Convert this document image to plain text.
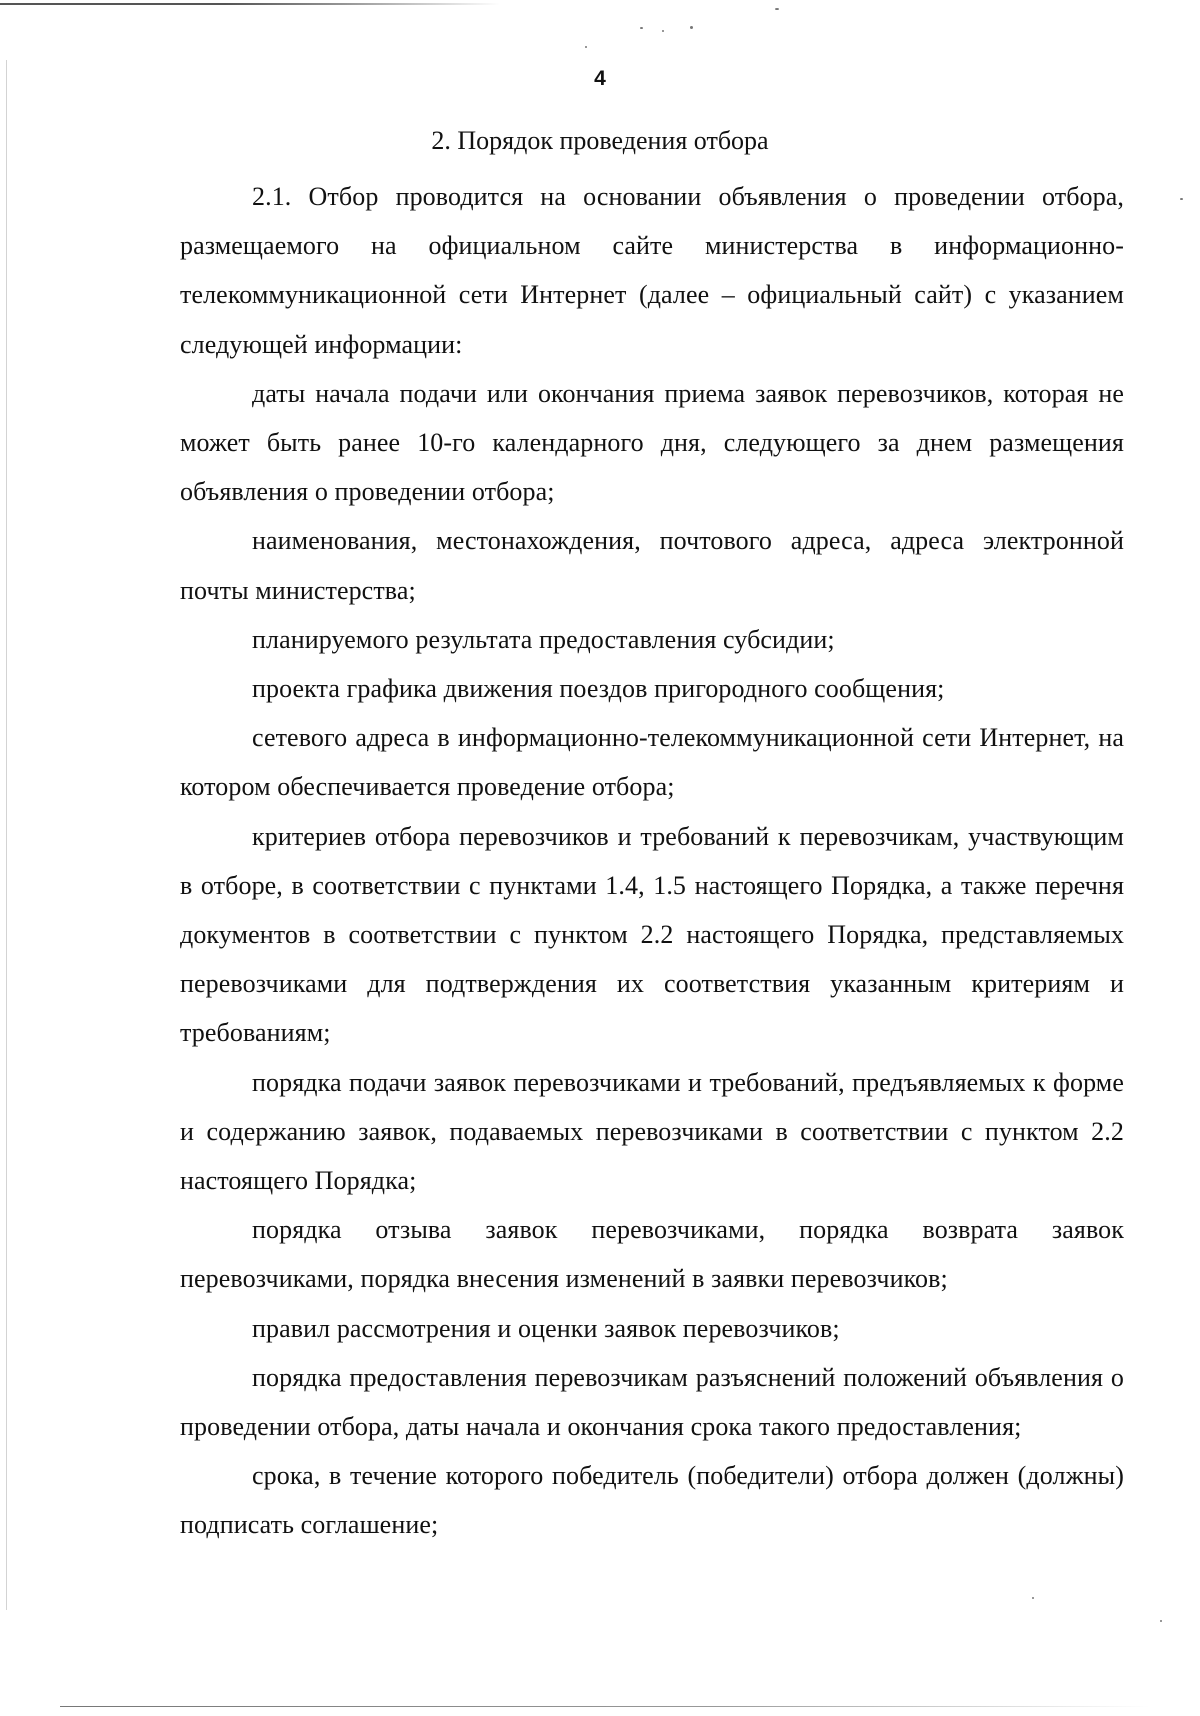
4
2. Порядок проведения отбора

2.1. Отбор проводится на основании объявления о проведении отбора, размещаемого на официальном сайте министерства в информационно-телекоммуникационной сети Интернет (далее – официальный сайт) с указанием следующей информации:

даты начала подачи или окончания приема заявок перевозчиков, которая не может быть ранее 10-го календарного дня, следующего за днем размещения объявления о проведении отбора;

наименования, местонахождения, почтового адреса, адреса электронной почты министерства;

планируемого результата предоставления субсидии;

проекта графика движения поездов пригородного сообщения;

сетевого адреса в информационно-телекоммуникационной сети Интернет, на котором обеспечивается проведение отбора;

критериев отбора перевозчиков и требований к перевозчикам, участвующим в отборе, в соответствии с пунктами 1.4, 1.5 настоящего Порядка, а также перечня документов в соответствии с пунктом 2.2 настоящего Порядка, представляемых перевозчиками для подтверждения их соответствия указанным критериям и требованиям;

порядка подачи заявок перевозчиками и требований, предъявляемых к форме и содержанию заявок, подаваемых перевозчиками в соответствии с пунктом 2.2 настоящего Порядка;

порядка отзыва заявок перевозчиками, порядка возврата заявок перевозчиками, порядка внесения изменений в заявки перевозчиков;

правил рассмотрения и оценки заявок перевозчиков;

порядка предоставления перевозчикам разъяснений положений объявления о проведении отбора, даты начала и окончания срока такого предоставления;

срока, в течение которого победитель (победители) отбора должен (должны) подписать соглашение;
